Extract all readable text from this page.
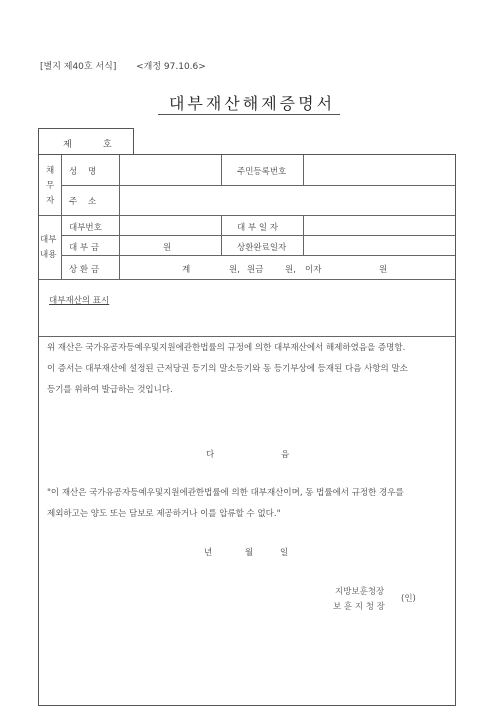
[별지 제40호 서식] <개정 97.10.6>
대부재산해제증명서
제	호
채
무
자
성    명	주민등록번호
주    소
대부
내용
대부번호	대 부 일 자
대 부 금	원	상환완료일자
상 환 금	계	원, 원금	원, 이자	원
대부재산의 표시
위 재산은 국가유공자등예우및지원에관한법률의 규정에 의한 대부재산에서 해제하였음을 증명함.
이 증서는 대부재산에 설정된 근저당권 등기의 말소등기와 동 등기부상에 등재된 다음 사항의 말소
등기를 위하여 발급하는 것입니다.
다	음
"이 재산은 국가유공자등예우및지원에관한법률에 의한 대부재산이며, 동 법률에서 규정한 경우를
제외하고는 양도 또는 담보로 제공하거나 이를 압류할 수 없다."
년	월	일
지방보훈청장
보 훈 지 청 장
(인)
